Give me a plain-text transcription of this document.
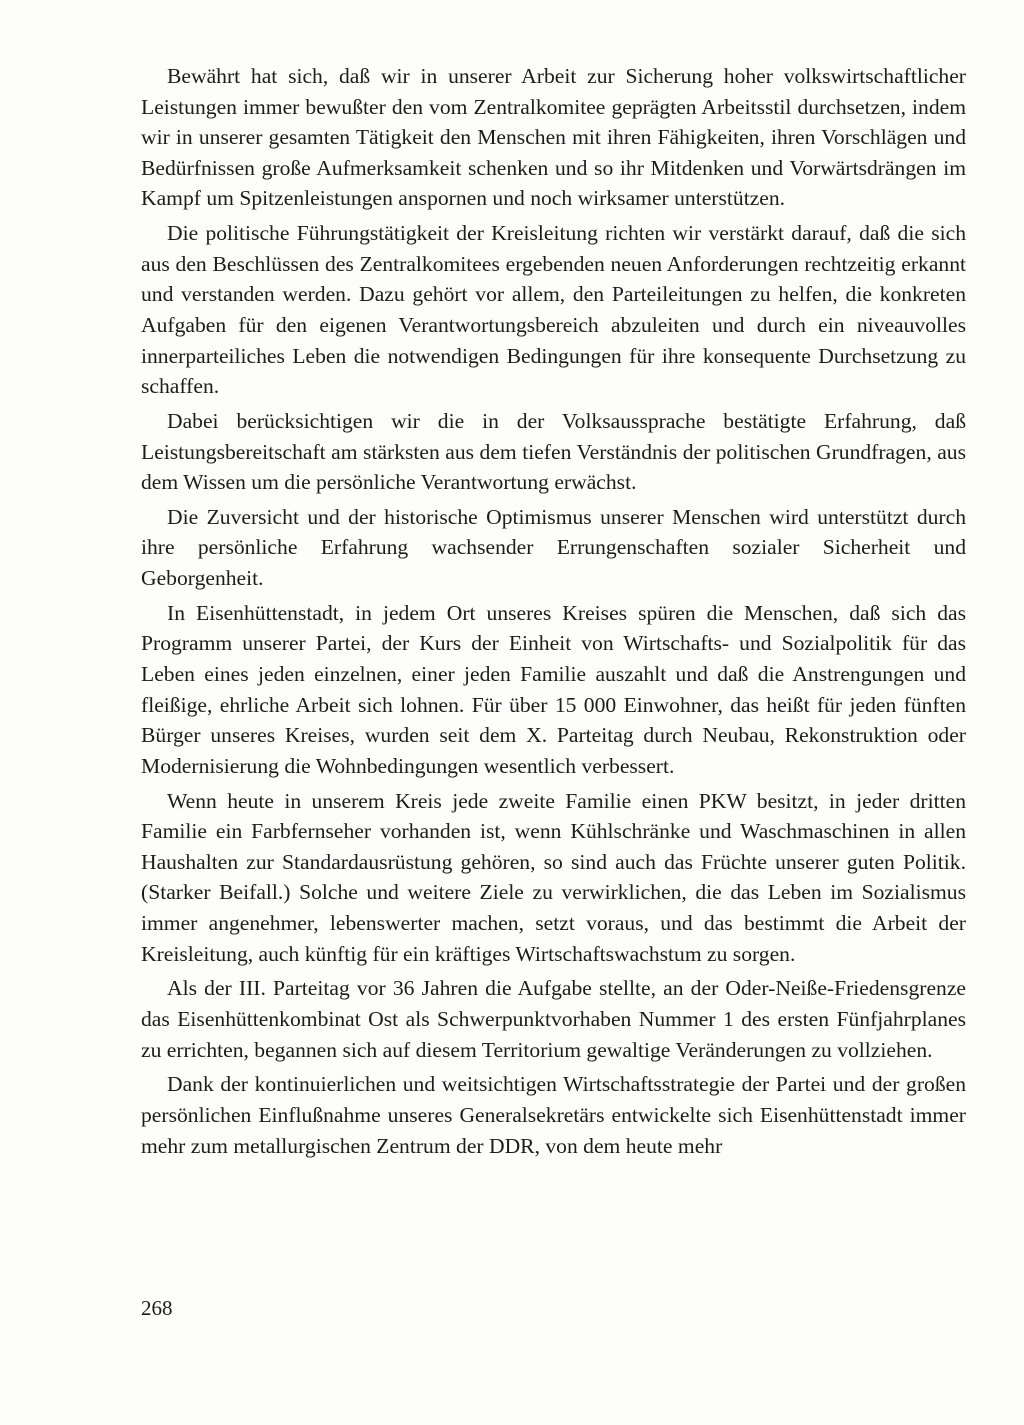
Bewährt hat sich, daß wir in unserer Arbeit zur Sicherung hoher volkswirtschaftlicher Leistungen immer bewußter den vom Zentralkomitee geprägten Arbeitsstil durchsetzen, indem wir in unserer gesamten Tätigkeit den Menschen mit ihren Fähigkeiten, ihren Vorschlägen und Bedürfnissen große Aufmerksamkeit schenken und so ihr Mitdenken und Vorwärtsdrängen im Kampf um Spitzenleistungen anspornen und noch wirksamer unterstützen.

Die politische Führungstätigkeit der Kreisleitung richten wir verstärkt darauf, daß die sich aus den Beschlüssen des Zentralkomitees ergebenden neuen Anforderungen rechtzeitig erkannt und verstanden werden. Dazu gehört vor allem, den Parteileitungen zu helfen, die konkreten Aufgaben für den eigenen Verantwortungsbereich abzuleiten und durch ein niveauvolles innerparteiliches Leben die notwendigen Bedingungen für ihre konsequente Durchsetzung zu schaffen.

Dabei berücksichtigen wir die in der Volksaussprache bestätigte Erfahrung, daß Leistungsbereitschaft am stärksten aus dem tiefen Verständnis der politischen Grundfragen, aus dem Wissen um die persönliche Verantwortung erwächst.

Die Zuversicht und der historische Optimismus unserer Menschen wird unterstützt durch ihre persönliche Erfahrung wachsender Errungenschaften sozialer Sicherheit und Geborgenheit.

In Eisenhüttenstadt, in jedem Ort unseres Kreises spüren die Menschen, daß sich das Programm unserer Partei, der Kurs der Einheit von Wirtschafts- und Sozialpolitik für das Leben eines jeden einzelnen, einer jeden Familie auszahlt und daß die Anstrengungen und fleißige, ehrliche Arbeit sich lohnen. Für über 15 000 Einwohner, das heißt für jeden fünften Bürger unseres Kreises, wurden seit dem X. Parteitag durch Neubau, Rekonstruktion oder Modernisierung die Wohnbedingungen wesentlich verbessert.

Wenn heute in unserem Kreis jede zweite Familie einen PKW besitzt, in jeder dritten Familie ein Farbfernseher vorhanden ist, wenn Kühlschränke und Waschmaschinen in allen Haushalten zur Standardausrüstung gehören, so sind auch das Früchte unserer guten Politik. (Starker Beifall.) Solche und weitere Ziele zu verwirklichen, die das Leben im Sozialismus immer angenehmer, lebenswerter machen, setzt voraus, und das bestimmt die Arbeit der Kreisleitung, auch künftig für ein kräftiges Wirtschaftswachstum zu sorgen.

Als der III. Parteitag vor 36 Jahren die Aufgabe stellte, an der Oder-Neiße-Friedensgrenze das Eisenhüttenkombinat Ost als Schwerpunktvorhaben Nummer 1 des ersten Fünfjahrplanes zu errichten, begannen sich auf diesem Territorium gewaltige Veränderungen zu vollziehen.

Dank der kontinuierlichen und weitsichtigen Wirtschaftsstrategie der Partei und der großen persönlichen Einflußnahme unseres Generalsekretärs entwickelte sich Eisenhüttenstadt immer mehr zum metallurgischen Zentrum der DDR, von dem heute mehr

268
